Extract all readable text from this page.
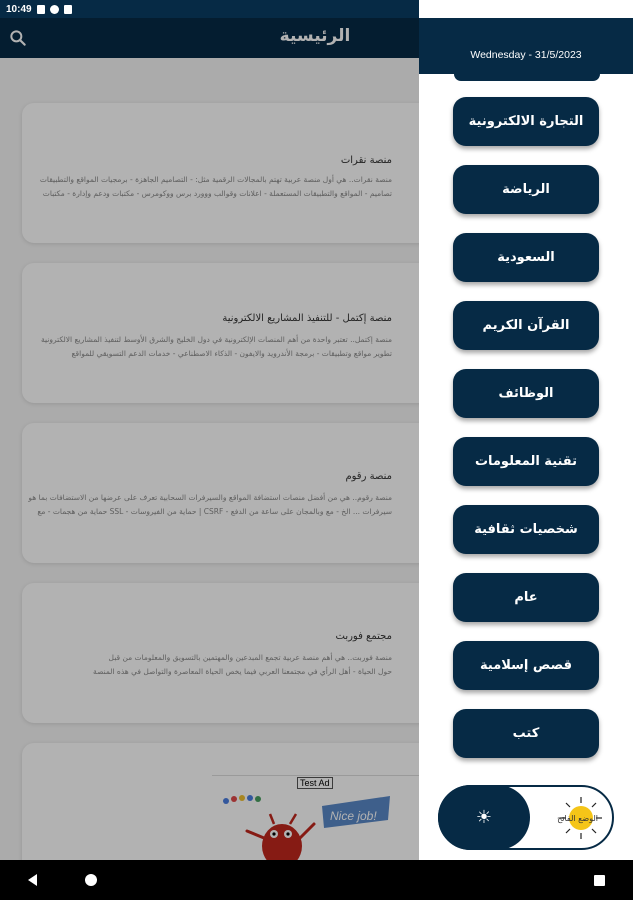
10:49
الرئيسية
منصة نقرات
منصة نقرات.. هي أول منصة عربية تهتم بالمجالات الرقمية مثل: - التصاميم الجاهزة - برمجيات المواقع والتطبيقات
تصاميم - المواقع والتطبيقات المستعملة - اعلانات وقوالب ووورد برس ووكومرس - مكتبات ودعم وإدارة - مكتبات
منصة إكتمل - للتنفيذ المشاريع الالكترونية
منصة إكتمل.. تعتبر واحدة من أهم المنصات الإلكترونية في دول الخليج والشرق الأوسط لتنفيذ المشاريع الالكترونية
تطوير مواقع وتطبيقات - برمجة الأندرويد والايفون - الذكاء الاصطناعي - خدمات الدعم التسويقي للمواقع
منصة رقوم
منصة رقوم.. هي من أفضل منصات استضافة المواقع والسيرفرات السحابية تعرف على عرضها من الاستضافات بما هو
حماية من هجمات - مع SSL - حماية من الفيروسات | CSRF - سيرفرات ... الخ - مع وبالمجان على ساعة من الدفع
مجتمع فوربت
منصة فوربت.. هي أهم منصة عربية تجمع المبدعين والمهتمين بالتسويق والمعلومات من قبل
حول الحياة - أهل الرأي في مجتمعنا العربي فيما يخص الحياة المعاصرة والتواصل في هذه المنصة
Nice job!
Test Ad
Wednesday - 31/5/2023
التجارة الالكترونية
الرياضة
السعودية
القرآن الكريم
الوظائف
تقنية المعلومات
شخصيات ثقافية
عام
قصص إسلامية
كتب
☀	الوضع الفاتح
